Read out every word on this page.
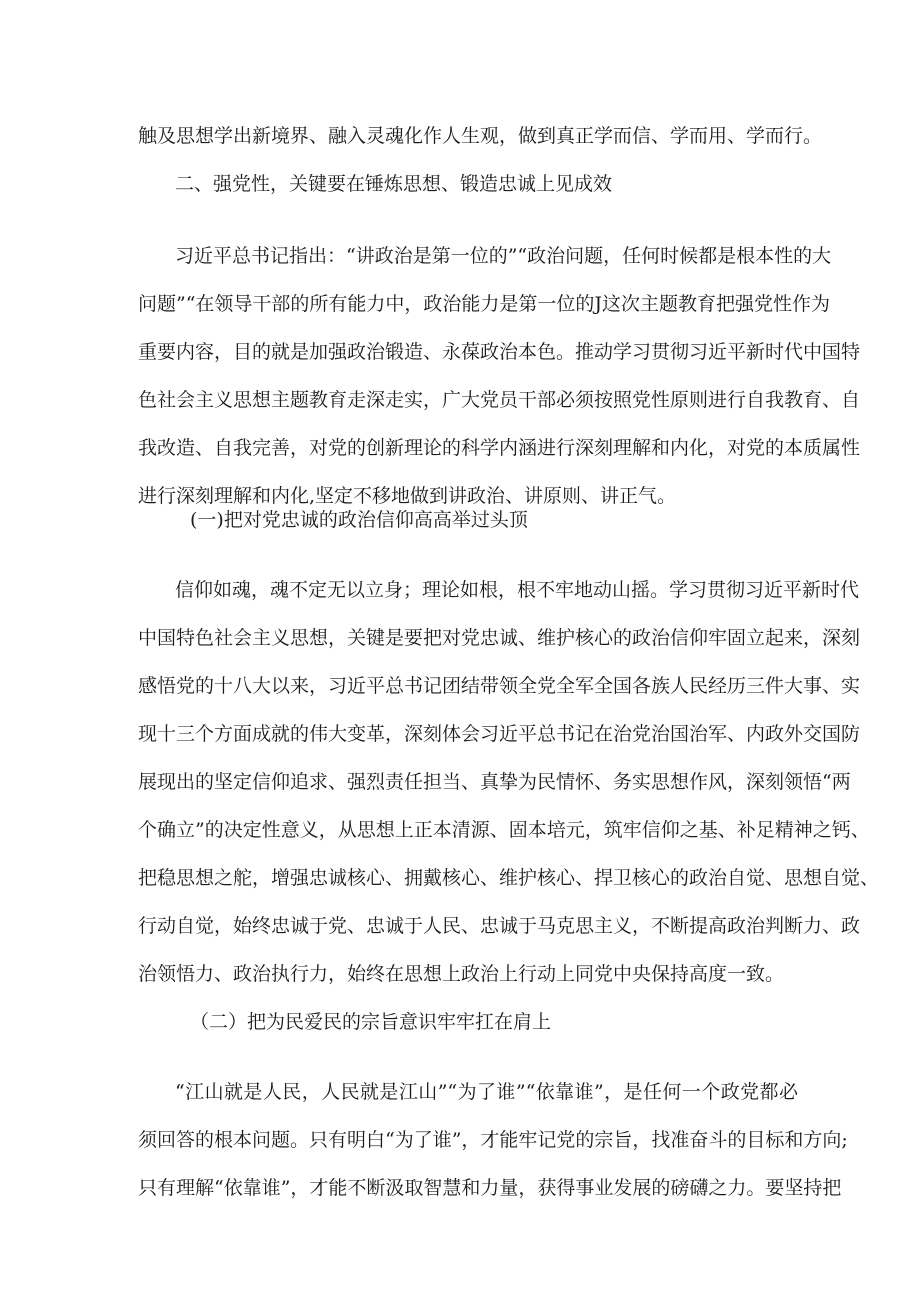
触及思想学出新境界、融入灵魂化作人生观，做到真正学而信、学而用、学而行。
二、强党性，关键要在锤炼思想、锻造忠诚上见成效
习近平总书记指出：“讲政治是第一位的”“政治问题，任何时候都是根本性的大
问题”“在领导干部的所有能力中，政治能力是第一位的J这次主题教育把强党性作为
重要内容，目的就是加强政治锻造、永葆政治本色。推动学习贯彻习近平新时代中国特
色社会主义思想主题教育走深走实，广大党员干部必须按照党性原则进行自我教育、自
我改造、自我完善，对党的创新理论的科学内涵进行深刻理解和内化，对党的本质属性
进行深刻理解和内化,坚定不移地做到讲政治、讲原则、讲正气。
(一)把对党忠诚的政治信仰高高举过头顶
信仰如魂，魂不定无以立身；理论如根，根不牢地动山摇。学习贯彻习近平新时代
中国特色社会主义思想，关键是要把对党忠诚、维护核心的政治信仰牢固立起来，深刻
感悟党的十八大以来，习近平总书记团结带领全党全军全国各族人民经历三件大事、实
现十三个方面成就的伟大变革，深刻体会习近平总书记在治党治国治军、内政外交国防
展现出的坚定信仰追求、强烈责任担当、真挚为民情怀、务实思想作风，深刻领悟“两
个确立”的决定性意义，从思想上正本清源、固本培元，筑牢信仰之基、补足精神之钙、
把稳思想之舵，增强忠诚核心、拥戴核心、维护核心、捍卫核心的政治自觉、思想自觉、
行动自觉，始终忠诚于党、忠诚于人民、忠诚于马克思主义，不断提高政治判断力、政
治领悟力、政治执行力，始终在思想上政治上行动上同党中央保持高度一致。
（二）把为民爱民的宗旨意识牢牢扛在肩上
“江山就是人民，人民就是江山”“为了谁”“依靠谁”，是任何一个政党都必
须回答的根本问题。只有明白“为了谁”，才能牢记党的宗旨，找准奋斗的目标和方向;
只有理解“依靠谁”，才能不断汲取智慧和力量，获得事业发展的磅礴之力。要坚持把
